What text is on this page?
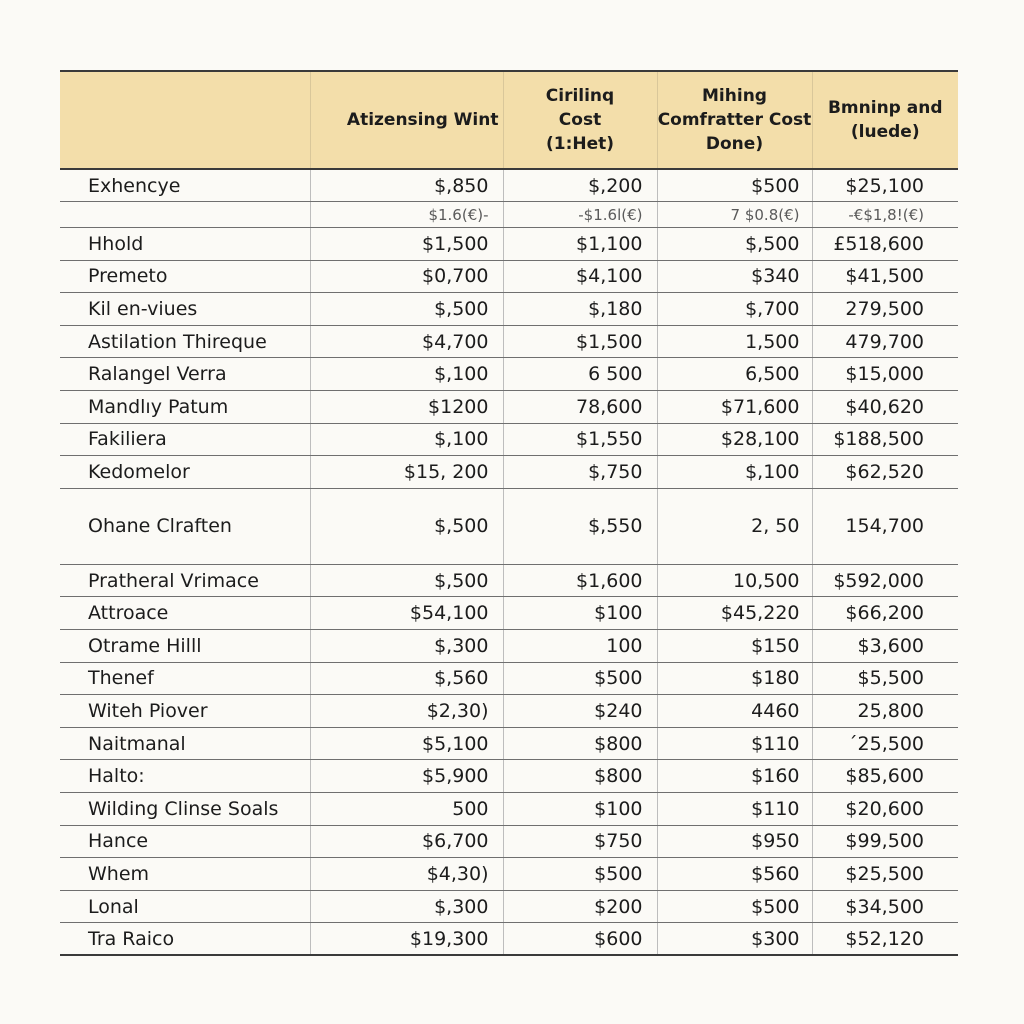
	Atizensing Wint	Cirilinq
Cost
(1:Het)	Mihing
Comfratter Cost
Done)	Bmninp and
(luede)
Exhencye	$,850	$,200	$500	$25,100
	$1.6(€)-	-$1.6l(€)	7 $0.8(€)	-€$1,8!(€)
Hhold	$1,500	$1,100	$,500	£518,600
Premeto	$0,700	$4,100	$340	$41,500
Kil en-viues	$,500	$,180	$,700	279,500
Astilation Thireque	$4,700	$1,500	1,500	479,700
Ralangel Verra	$,100	6 500	6,500	$15,000
Mandlıy Patum	$1200	78,600	$71,600	$40,620
Fakiliera	$,100	$1,550	$28,100	$188,500
Kedomelor	$15, 200	$,750	$,100	$62,520
Ohane Clraften	$,500	$,550	2, 50	154,700
Pratheral Vrimace	$,500	$1,600	10,500	$592,000
Attroace	$54,100	$100	$45,220	$66,200
Otrame Hilll	$,300	100	$150	$3,600
Thenef	$,560	$500	$180	$5,500
Witeh Piover	$2,30)	$240	4460	25,800
Naitmanal	$5,100	$800	$110	ˊ25,500
Halto:	$5,900	$800	$160	$85,600
Wilding Clinse Soals	500	$100	$110	$20,600
Hance	$6,700	$750	$950	$99,500
Whem	$4,30)	$500	$560	$25,500
Lonal	$,300	$200	$500	$34,500
Tra Raico	$19,300	$600	$300	$52,120
